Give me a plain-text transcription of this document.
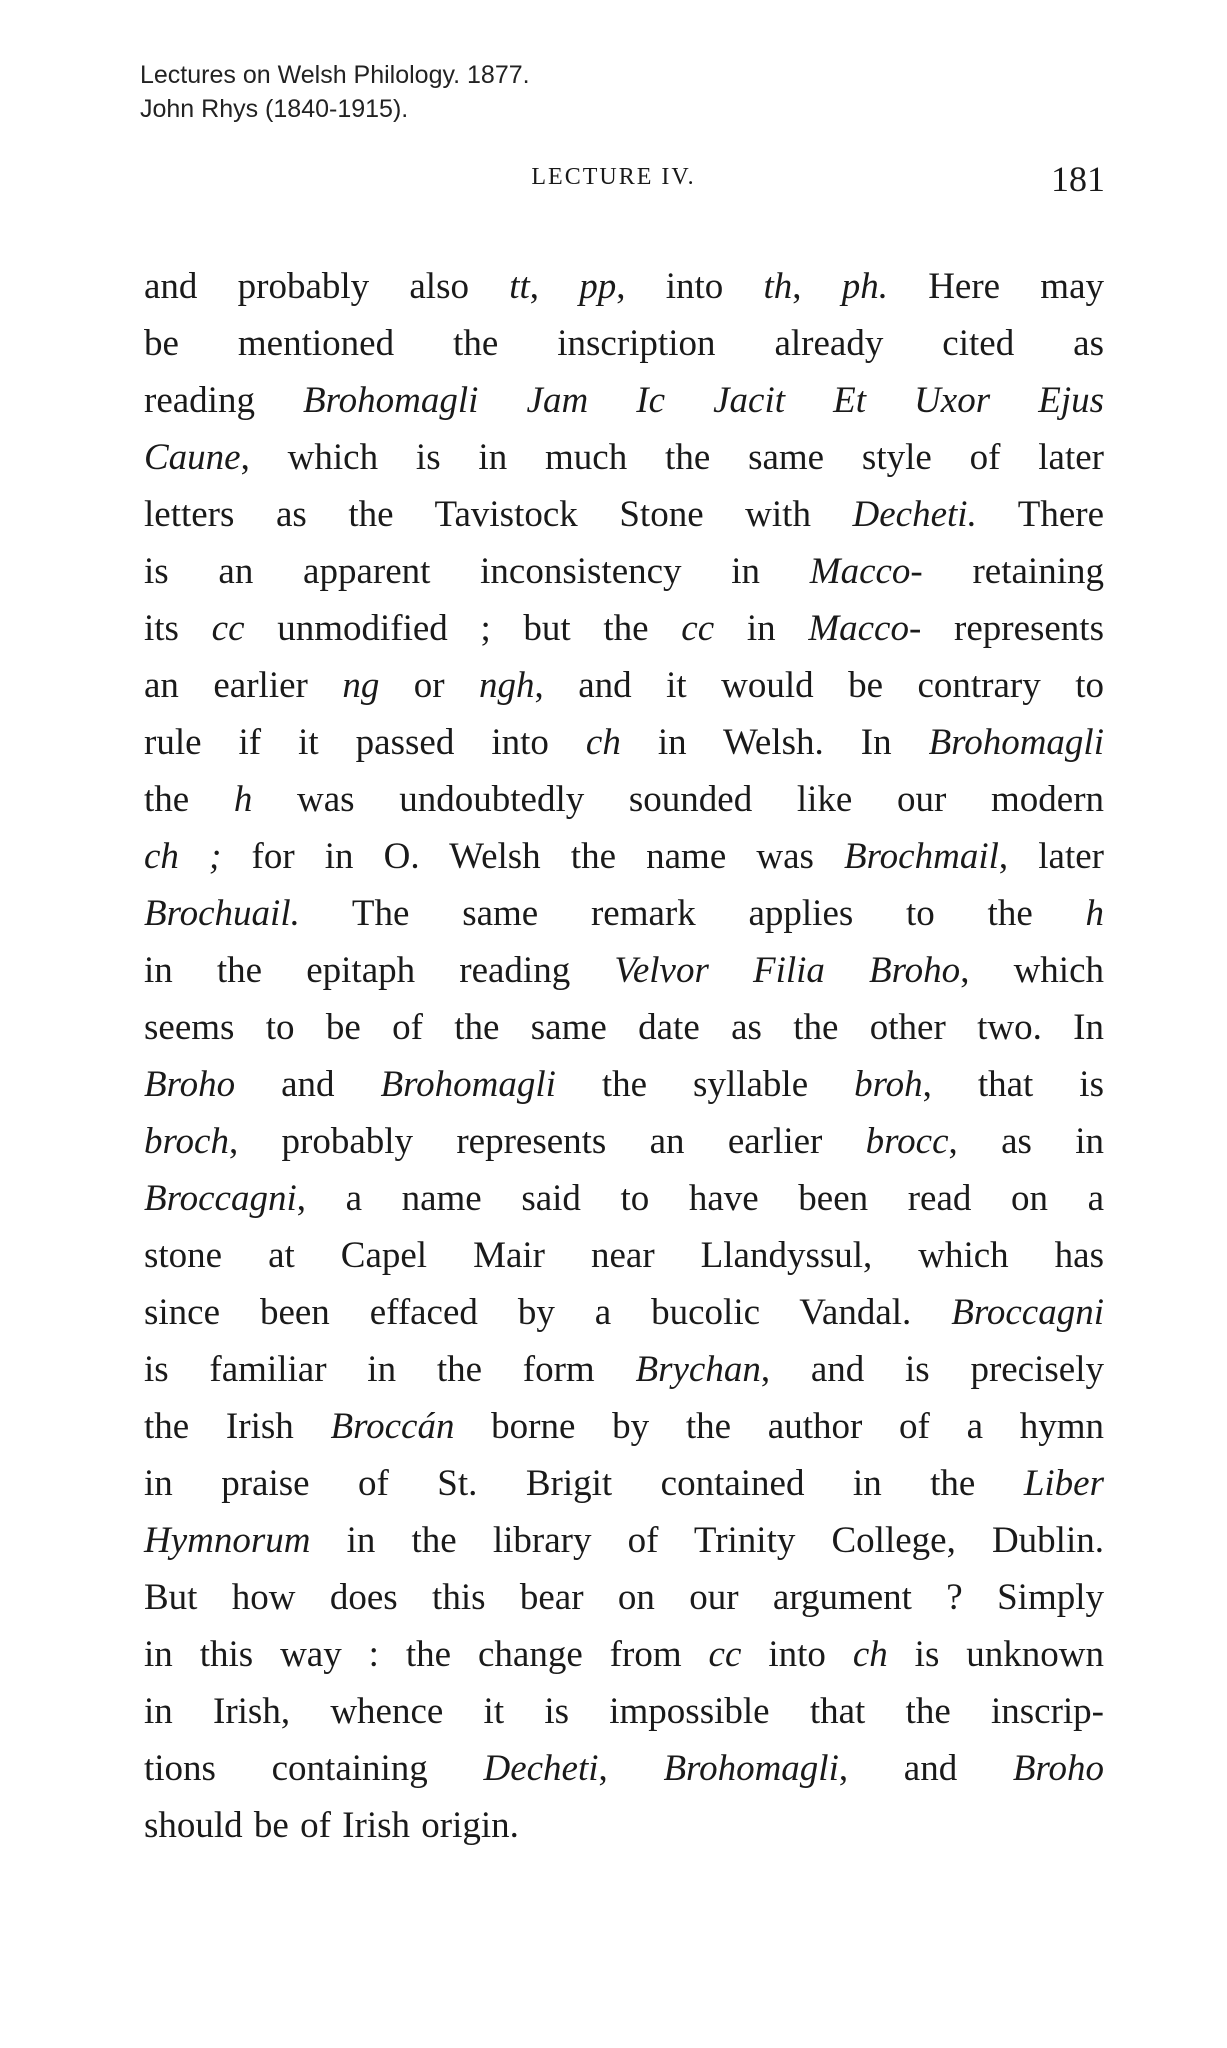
Lectures on Welsh Philology. 1877.
John Rhys (1840-1915).
LECTURE IV.	181
and probably also tt, pp, into th, ph. Here may
be mentioned the inscription already cited as
reading Brohomagli Jam Ic Jacit Et Uxor Ejus
Caune, which is in much the same style of later
letters as the Tavistock Stone with Decheti. There
is an apparent inconsistency in Macco- retaining
its cc unmodified ; but the cc in Macco- represents
an earlier ng or ngh, and it would be contrary to
rule if it passed into ch in Welsh. In Brohomagli
the h was undoubtedly sounded like our modern
ch ; for in O. Welsh the name was Brochmail, later
Brochuail. The same remark applies to the h
in the epitaph reading Velvor Filia Broho, which
seems to be of the same date as the other two. In
Broho and Brohomagli the syllable broh, that is
broch, probably represents an earlier brocc, as in
Broccagni, a name said to have been read on a
stone at Capel Mair near Llandyssul, which has
since been effaced by a bucolic Vandal. Broccagni
is familiar in the form Brychan, and is precisely
the Irish Broccán borne by the author of a hymn
in praise of St. Brigit contained in the Liber
Hymnorum in the library of Trinity College, Dublin.
But how does this bear on our argument ? Simply
in this way : the change from cc into ch is unknown
in Irish, whence it is impossible that the inscrip-
tions containing Decheti, Brohomagli, and Broho
should be of Irish origin.
